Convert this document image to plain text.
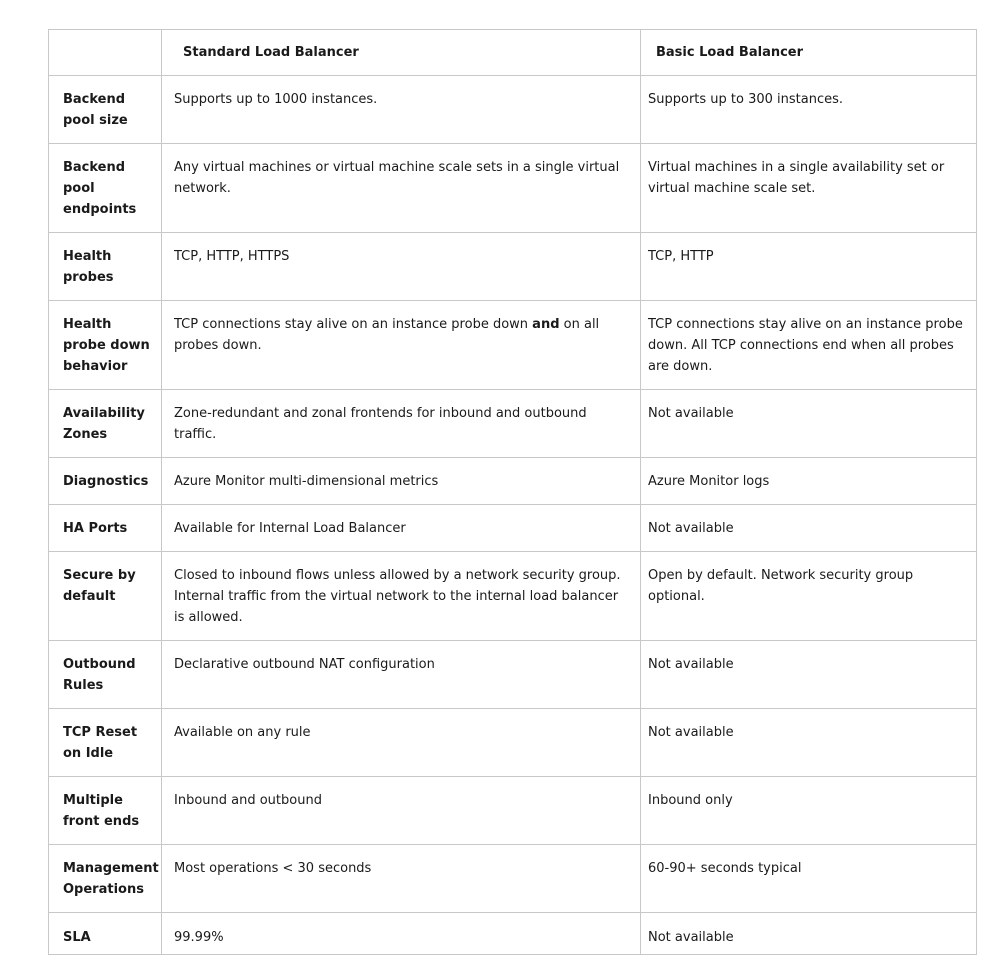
	Standard Load Balancer	Basic Load Balancer
Backend pool size	Supports up to 1000 instances.	Supports up to 300 instances.
Backend pool endpoints	Any virtual machines or virtual machine scale sets in a single virtual network.	Virtual machines in a single availability set or virtual machine scale set.
Health probes	TCP, HTTP, HTTPS	TCP, HTTP
Health probe down behavior	TCP connections stay alive on an instance probe down and on all probes down.	TCP connections stay alive on an instance probe down. All TCP connections end when all probes are down.
Availability Zones	Zone-redundant and zonal frontends for inbound and outbound traffic.	Not available
Diagnostics	Azure Monitor multi-dimensional metrics	Azure Monitor logs
HA Ports	Available for Internal Load Balancer	Not available
Secure by default	Closed to inbound flows unless allowed by a network security group. Internal traffic from the virtual network to the internal load balancer is allowed.	Open by default. Network security group optional.
Outbound Rules	Declarative outbound NAT configuration	Not available
TCP Reset on Idle	Available on any rule	Not available
Multiple front ends	Inbound and outbound	Inbound only
Management Operations	Most operations < 30 seconds	60-90+ seconds typical
SLA	99.99%	Not available
